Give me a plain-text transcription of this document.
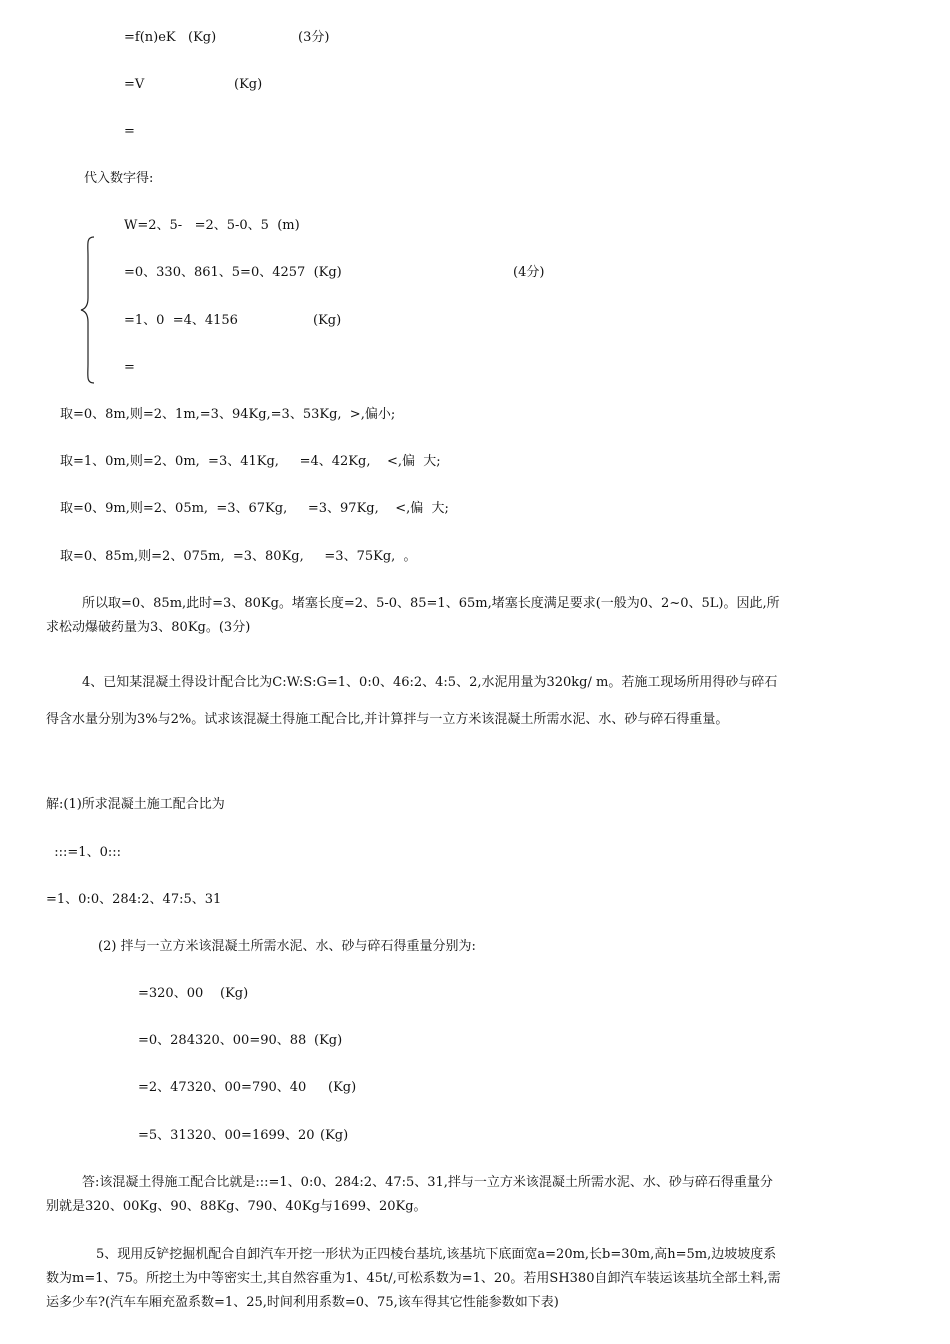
=f(n)eK   (Kg)	(3分)
=V	(Kg)
=
代入数字得:
W=2、5-   =2、5-0、5  (m)
=0、330、861、5=0、4257  (Kg)	(4分)
=1、0  =4、4156	(Kg)
=
取=0、8m,则=2、1m,=3、94Kg,=3、53Kg,  >,偏小;
取=1、0m,则=2、0m,  =3、41Kg,     =4、42Kg,    <,偏  大;
取=0、9m,则=2、05m,  =3、67Kg,     =3、97Kg,    <,偏  大;
取=0、85m,则=2、075m,  =3、80Kg,     =3、75Kg,  。
所以取=0、85m,此时=3、80Kg。堵塞长度=2、5-0、85=1、65m,堵塞长度满足要求(一般为0、2~0、5L)。因此,所求松动爆破药量为3、80Kg。(3分)
4、已知某混凝土得设计配合比为C:W:S:G=1、0:0、46:2、4:5、2,水泥用量为320kg/ m。若施工现场所用得砂与碎石得含水量分别为3%与2%。试求该混凝土得施工配合比,并计算拌与一立方米该混凝土所需水泥、水、砂与碎石得重量。
解:(1)所求混凝土施工配合比为
:::=1、0:::
=1、0:0、284:2、47:5、31
(2) 拌与一立方米该混凝土所需水泥、水、砂与碎石得重量分别为:
=320、00 (Kg)
=0、284320、00=90、88 (Kg)
=2、47320、00=790、40 (Kg)
=5、31320、00=1699、20 (Kg)
答:该混凝土得施工配合比就是:::=1、0:0、284:2、47:5、31,拌与一立方米该混凝土所需水泥、水、砂与碎石得重量分别就是320、00Kg、90、88Kg、790、40Kg与1699、20Kg。
5、现用反铲挖掘机配合自卸汽车开挖一形状为正四棱台基坑,该基坑下底面宽a=20m,长b=30m,高h=5m,边坡坡度系数为m=1、75。所挖土为中等密实土,其自然容重为1、45t/,可松系数为=1、20。若用SH380自卸汽车装运该基坑全部土料,需运多少车?(汽车车厢充盈系数=1、25,时间利用系数=0、75,该车得其它性能参数如下表)
